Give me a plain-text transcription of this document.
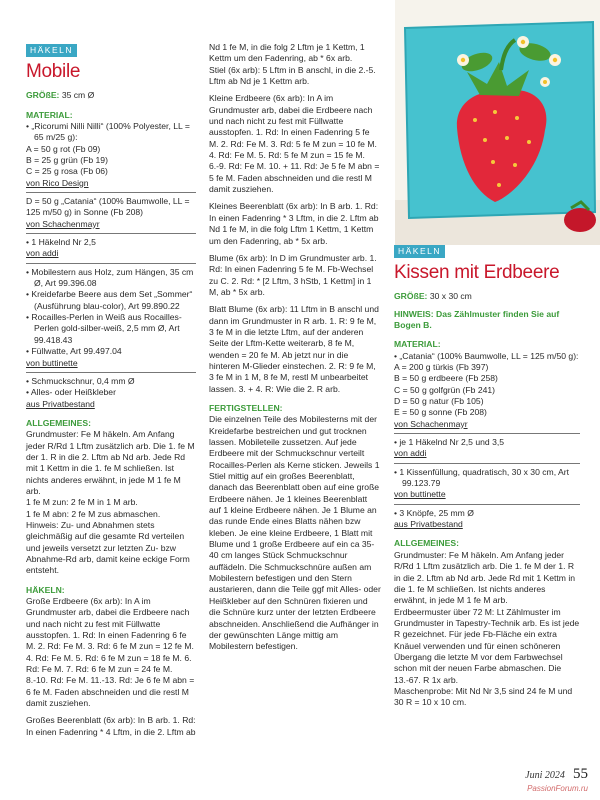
HÄKELN
Mobile

GRÖßE: 35 cm Ø

MATERIAL:

• „Ricorumi Nilli Nilli“ (100% Polyester, LL = 65 m/25 g):

A = 50 g rot (Fb 09)

B = 25 g grün (Fb 19)

C = 25 g rosa (Fb 06)

von Rico Design

D = 50 g „Catania“ (100% Baumwolle, LL = 125 m/50 g) in Sonne (Fb 208)

von Schachenmayr

• 1 Häkelnd Nr 2,5

von addi

• Mobilestern aus Holz, zum Hängen, 35 cm Ø, Art 99.396.08

• Kreidefarbe Beere aus dem Set „Sommer“ (Ausführung blau-color), Art 99.890.22

• Rocailles-Perlen in Weiß aus Rocailles-Perlen gold-silber-weiß, 2,5 mm Ø, Art 99.418.43

• Füllwatte, Art 99.497.04

von buttinette

• Schmuckschnur, 0,4 mm Ø

• Alles- oder Heißkleber

aus Privatbestand

ALLGEMEINES:

Grundmuster: Fe M häkeln. Am Anfang jeder R/Rd 1 Lftm zusätzlich arb. Die 1. fe M der 1. R in die 2. Lftm ab Nd arb. Jede Rd mit 1 Kettm in die 1. fe M schließen. Ist nichts anderes erwähnt, in jede M 1 fe M arb.

1 fe M zun: 2 fe M in 1 M arb.

1 fe M abn: 2 fe M zus abmaschen.

Hinweis: Zu- und Abnahmen stets gleichmäßig auf die gesamte Rd verteilen und jeweils versetzt zur letzten Zu- bzw Abnahme-Rd arb, damit keine eckige Form entsteht.

HÄKELN:

Große Erdbeere (6x arb): In A im Grundmuster arb, dabei die Erdbeere nach und nach nicht zu fest mit Füllwatte ausstopfen. 1. Rd: In einen Fadenring 6 fe M. 2. Rd: Fe M. 3. Rd: 6 fe M zun = 12 fe M. 4. Rd: Fe M. 5. Rd: 6 fe M zun = 18 fe M. 6. Rd: Fe M. 7. Rd: 6 fe M zun = 24 fe M. 8.-10. Rd: Fe M. 11.-13. Rd: Je 6 fe M abn = 6 fe M. Faden abschneiden und die restl M damit zusziehen.

Großes Beerenblatt (6x arb): In B arb. 1. Rd: In einen Fadenring * 4 Lftm, in die 2. Lftm ab

Nd 1 fe M, in die folg 2 Lftm je 1 Kettm, 1 Kettm um den Fadenring, ab * 6x arb.

Stiel (6x arb): 5 Lftm in B anschl, in die 2.-5. Lftm ab Nd je 1 Kettm arb.

Kleine Erdbeere (6x arb): In A im Grundmuster arb, dabei die Erdbeere nach und nach nicht zu fest mit Füllwatte ausstopfen. 1. Rd: In einen Fadenring 5 fe M. 2. Rd: Fe M. 3. Rd: 5 fe M zun = 10 fe M. 4. Rd: Fe M. 5. Rd: 5 fe M zun = 15 fe M. 6.-9. Rd: Fe M. 10. + 11. Rd: Je 5 fe M abn = 5 fe M. Faden abschneiden und die restl M damit zusziehen.

Kleines Beerenblatt (6x arb): In B arb. 1. Rd: In einen Fadenring * 3 Lftm, in die 2. Lftm ab Nd 1 fe M, in die folg Lftm 1 Kettm, 1 Kettm um den Fadenring, ab * 5x arb.

Blume (6x arb): In D im Grundmuster arb. 1. Rd: In einen Fadenring 5 fe M. Fb-Wechsel zu C. 2. Rd: * [2 Lftm, 3 hStb, 1 Kettm] in 1 M, ab * 5x arb.

Blatt Blume (6x arb): 11 Lftm in B anschl und dann im Grundmuster in R arb. 1. R: 9 fe M, 3 fe M in die letzte Lftm, auf der anderen Seite der Lftm-Kette weiterarb, 8 fe M, wenden = 20 fe M. Ab jetzt nur in die hinteren M-Glieder einstechen. 2. R: 9 fe M, 3 fe M in 1 M, 8 fe M, restl M unbearbeitet lassen. 3. + 4. R: Wie die 2. R arb.

FERTIGSTELLEN:

Die einzelnen Teile des Mobilesterns mit der Kreidefarbe bestreichen und gut trocknen lassen. Mobileteile zussetzen. Auf jede Erdbeere mit der Schmuckschnur verteilt Rocailles-Perlen als Kerne sticken. Jeweils 1 Stiel mittig auf ein großes Beerenblatt, danach das Beerenblatt oben auf eine große Erdbeere nähen. Je 1 kleines Beerenblatt auf 1 kleine Erdbeere nähen. Je 1 Blume an das runde Ende eines Blatts nähen bzw kleben. Je eine kleine Erdbeere, 1 Blatt mit Blume und 1 große Erdbeere auf ein ca 35-40 cm langes Stück Schmuckschnur auffädeln. Die Schmuckschnüre außen am Mobilestern befestigen und den Stern austarieren, dann die Teile ggf mit Alles- oder Heißkleber auf den Schnüren fixieren und die Schnüre kurz unter der letzten Erdbeere abschneiden. Anschließend die Aufhänger in der gewünschten Länge mittig am Mobilestern befestigen.

HÄKELN
Kissen mit Erdbeere

GRÖßE: 30 x 30 cm

HINWEIS: Das Zählmuster finden Sie auf Bogen B.

MATERIAL:

• „Catania“ (100% Baumwolle, LL = 125 m/50 g):

A = 200 g türkis (Fb 397)

B = 50 g erdbeere (Fb 258)

C = 50 g golfgrün (Fb 241)

D = 50 g natur (Fb 105)

E = 50 g sonne (Fb 208)

von Schachenmayr

• je 1 Häkelnd Nr 2,5 und 3,5

von addi

• 1 Kissenfüllung, quadratisch, 30 x 30 cm, Art 99.123.79

von buttinette

• 3 Knöpfe, 25 mm Ø

aus Privatbestand

ALLGEMEINES:

Grundmuster: Fe M häkeln. Am Anfang jeder R/Rd 1 Lftm zusätzlich arb. Die 1. fe M der 1. R in die 2. Lftm ab Nd arb. Jede Rd mit 1 Kettm in die 1. fe M schließen. Ist nichts anderes erwähnt, in jede M 1 fe M arb.

Erdbeermuster über 72 M: Lt Zählmuster im Grundmuster in Tapestry-Technik arb. Es ist jede R gezeichnet. Für jede Fb-Fläche ein extra Knäuel verwenden und für einen schöneren Übergang die letzte M vor dem Farbwechsel schon mit der neuen Farbe abmaschen. Die 13.-67. R 1x arb.

Maschenprobe: Mit Nd Nr 3,5 sind 24 fe M und 30 R = 10 x 10 cm.

Juni 2024 55
PassionForum.ru
